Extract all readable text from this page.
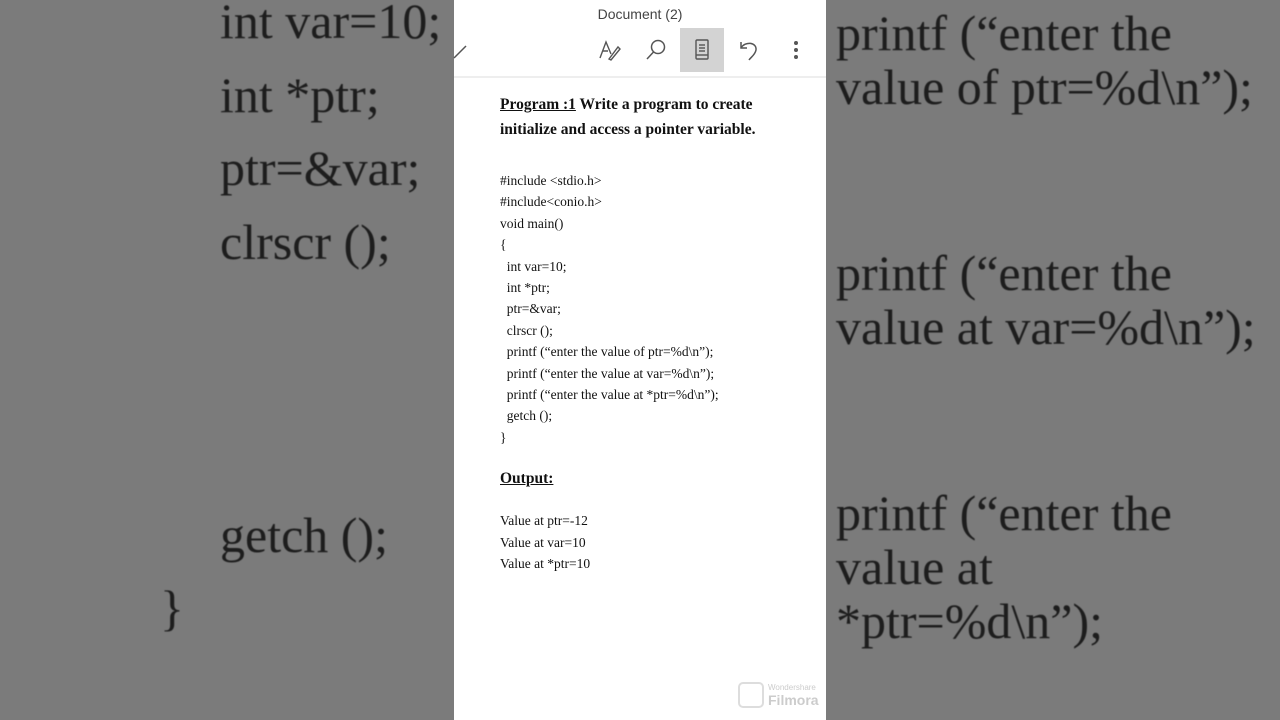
int var=10;
int *ptr;
ptr=&var;
clrscr ();
getch ();
}
printf (“enter the value of ptr=%d\n”);
printf (“enter the value at var=%d\n”);
printf (“enter the value at *ptr=%d\n”);
Document (2)

Program :1 Write a program to create initialize and access a pointer variable.

#include <stdio.h>
#include<conio.h>
void main()
{
int var=10;
int *ptr;
ptr=&var;
clrscr ();
printf (“enter the value of ptr=%d\n”);
printf (“enter the value at var=%d\n”);
printf (“enter the value at *ptr=%d\n”);
getch ();
}
Output:
Value at ptr=-12
Value at var=10
Value at *ptr=10
Wondershare
Filmora
